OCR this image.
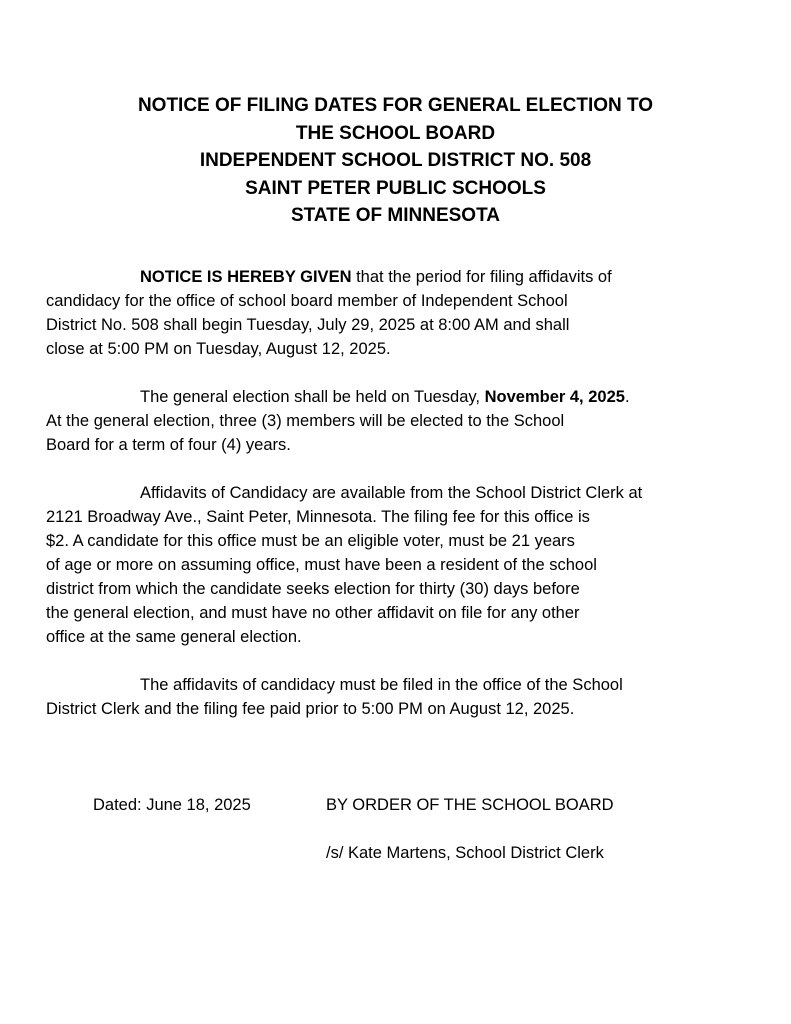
NOTICE OF FILING DATES FOR GENERAL ELECTION TO
THE SCHOOL BOARD
INDEPENDENT SCHOOL DISTRICT NO. 508
SAINT PETER PUBLIC SCHOOLS
STATE OF MINNESOTA
NOTICE IS HEREBY GIVEN that the period for filing affidavits of
candidacy for the office of school board member of Independent School
District No. 508 shall begin Tuesday, July 29, 2025 at 8:00 AM and shall
close at 5:00 PM on Tuesday, August 12, 2025.
The general election shall be held on Tuesday, November 4, 2025.
At the general election, three (3) members will be elected to the School
Board for a term of four (4) years.
Affidavits of Candidacy are available from the School District Clerk at
2121 Broadway Ave., Saint Peter, Minnesota. The filing fee for this office is
$2. A candidate for this office must be an eligible voter, must be 21 years
of age or more on assuming office, must have been a resident of the school
district from which the candidate seeks election for thirty (30) days before
the general election, and must have no other affidavit on file for any other
office at the same general election.
The affidavits of candidacy must be filed in the office of the School
District Clerk and the filing fee paid prior to 5:00 PM on August 12, 2025.
Dated: June 18, 2025	BY ORDER OF THE SCHOOL BOARD
/s/ Kate Martens, School District Clerk
